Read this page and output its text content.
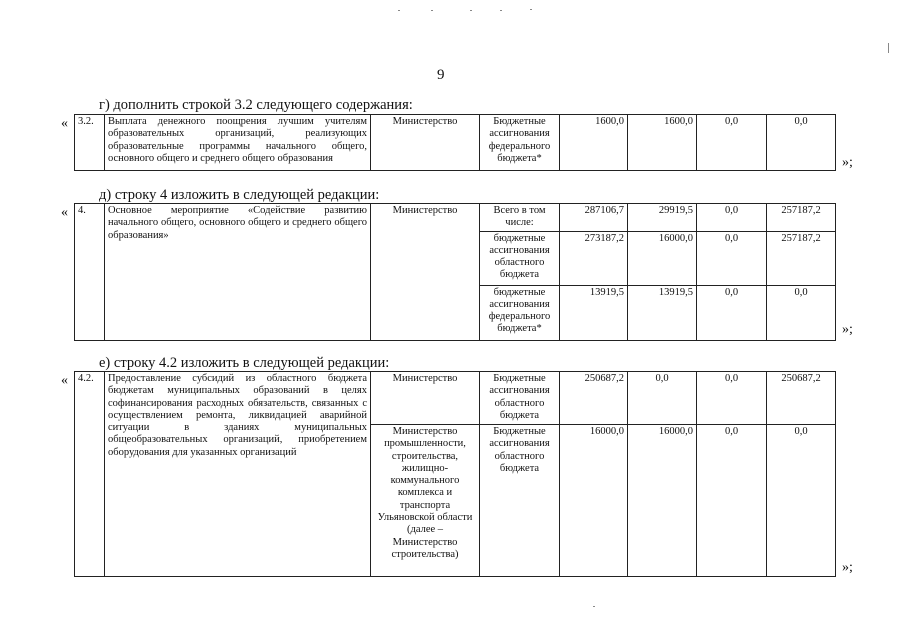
9
г) дополнить строкой 3.2 следующего содержания:
« 3.2.	Выплата денежного поощрения лучшим учителям образовательных организаций, реализующих образовательные программы начального общего, основного общего и среднего общего образования	Министерство	Бюджетные ассигнования федерального бюджета*	1600,0	1600,0	0,0	0,0
»;
д) строку 4 изложить в следующей редакции:
« 4.	Основное мероприятие «Содействие развитию начального общего, основного общего и среднего общего образования»	Министерство	Всего в том числе:	287106,7	29919,5	0,0	257187,2
			бюджетные ассигнования областного бюджета	273187,2	16000,0	0,0	257187,2
			бюджетные ассигнования федерального бюджета*	13919,5	13919,5	0,0	0,0
»;
е) строку 4.2 изложить в следующей редакции:
« 4.2.	Предоставление субсидий из областного бюджета бюджетам муниципальных образований в целях софинансирования расходных обязательств, связанных с осуществлением ремонта, ликвидацией аварийной ситуации в зданиях муниципальных общеобразовательных организаций, приобретением оборудования для указанных организаций	Министерство	Бюджетные ассигнования областного бюджета	250687,2	0,0	0,0	250687,2
		Министерство промышленности, строительства, жилищно-коммунального комплекса и транспорта Ульяновской области (далее – Министерство строительства)	Бюджетные ассигнования областного бюджета	16000,0	16000,0	0,0	0,0
»;
